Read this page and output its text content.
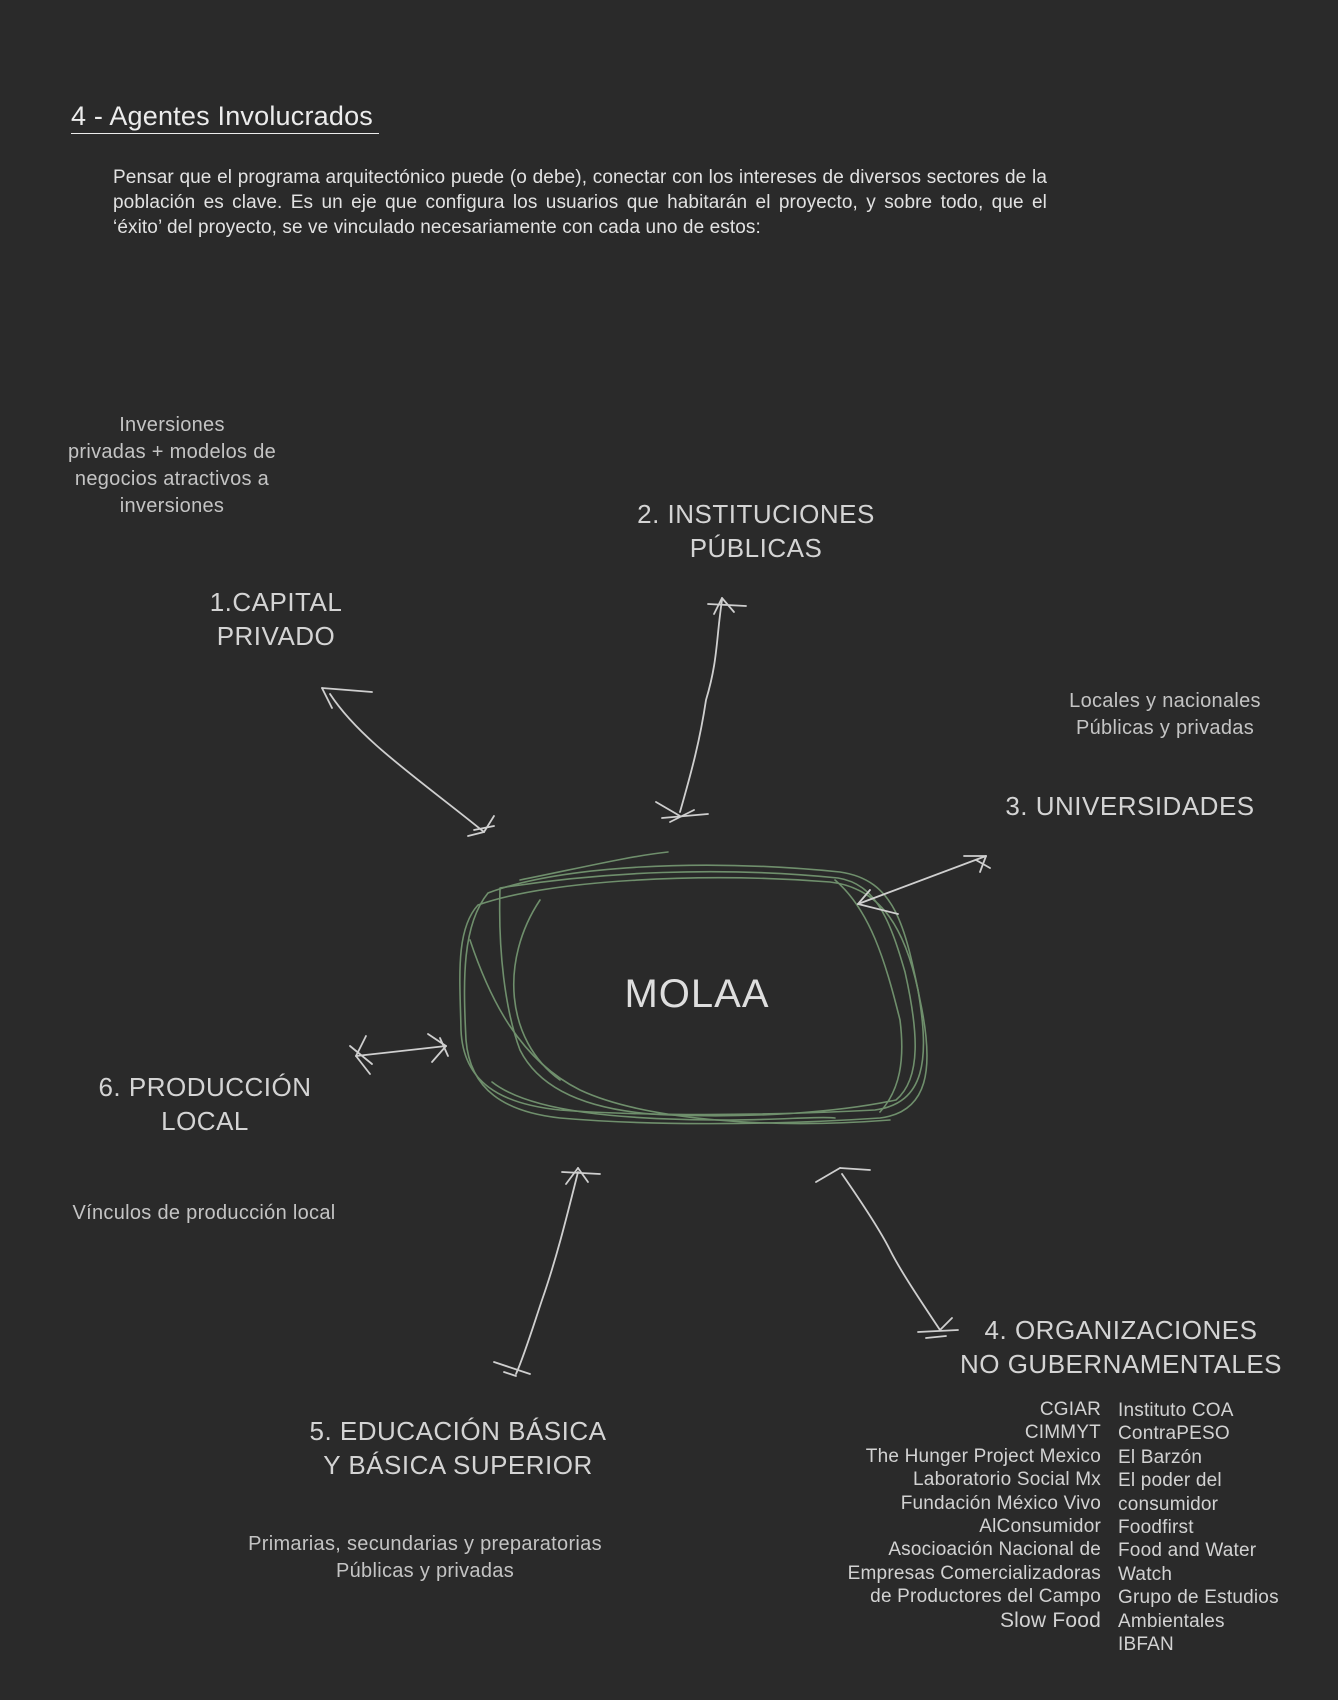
4 - Agentes Involucrados

Pensar que el programa arquitectónico puede (o debe), conectar con los intereses de diversos sectores de la población es clave. Es un eje que configura los usuarios que habitarán el proyecto, y sobre todo, que el ‘éxito’ del proyecto, se ve vinculado necesariamente con cada uno de estos:

MOLAA
Inversiones
privadas + modelos de
negocios atractivos a
inversiones
1.CAPITAL
PRIVADO
2. INSTITUCIONES
PÚBLICAS
Locales y nacionales
Públicas y privadas
3. UNIVERSIDADES
4. ORGANIZACIONES
NO GUBERNAMENTALES
CGIAR
CIMMYT
The Hunger Project Mexico
Laboratorio Social Mx
Fundación México Vivo
AlConsumidor
Asocioación Nacional de
Empresas Comercializadoras
de Productores del Campo
Slow Food
Instituto COA
ContraPESO
El Barzón
El poder del
consumidor
Foodfirst
Food and Water
Watch
Grupo de Estudios
Ambientales
IBFAN
5. EDUCACIÓN BÁSICA
Y BÁSICA SUPERIOR
Primarias, secundarias y preparatorias
Públicas y privadas
6. PRODUCCIÓN
LOCAL
Vínculos de producción local
